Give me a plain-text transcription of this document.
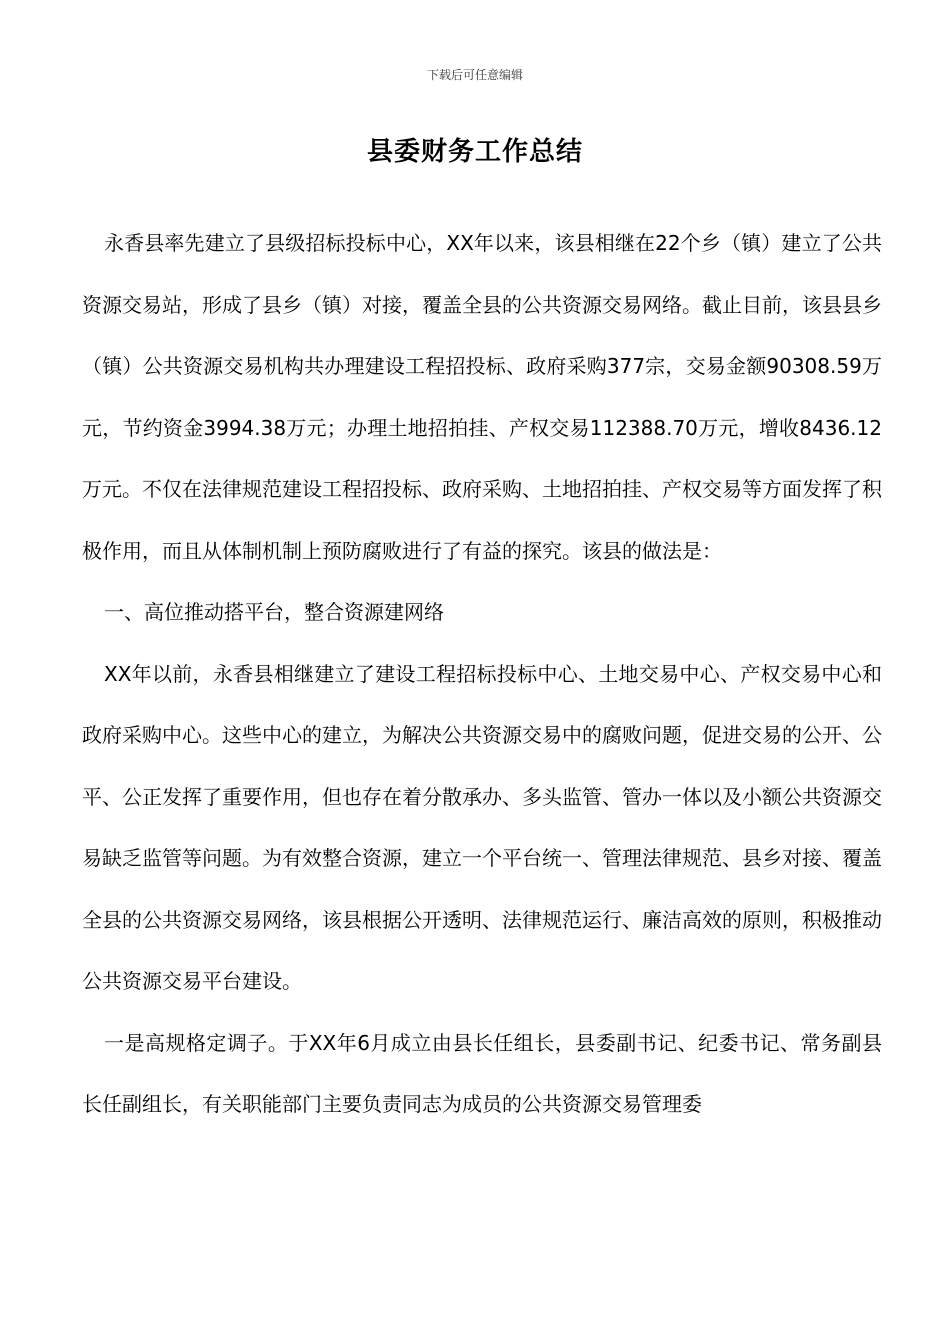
下载后可任意编辑
县委财务工作总结

永香县率先建立了县级招标投标中心，XX年以来，该县相继在22个乡（镇）建立了公共资源交易站，形成了县乡（镇）对接，覆盖全县的公共资源交易网络。截止目前，该县县乡（镇）公共资源交易机构共办理建设工程招投标、政府采购377宗，交易金额90308.59万元，节约资金3994.38万元；办理土地招拍挂、产权交易112388.70万元，增收8436.12万元。不仅在法律规范建设工程招投标、政府采购、土地招拍挂、产权交易等方面发挥了积极作用，而且从体制机制上预防腐败进行了有益的探究。该县的做法是：

一、高位推动搭平台，整合资源建网络

XX年以前，永香县相继建立了建设工程招标投标中心、土地交易中心、产权交易中心和政府采购中心。这些中心的建立，为解决公共资源交易中的腐败问题，促进交易的公开、公平、公正发挥了重要作用，但也存在着分散承办、多头监管、管办一体以及小额公共资源交易缺乏监管等问题。为有效整合资源，建立一个平台统一、管理法律规范、县乡对接、覆盖全县的公共资源交易网络，该县根据公开透明、法律规范运行、廉洁高效的原则，积极推动公共资源交易平台建设。

一是高规格定调子。于XX年6月成立由县长任组长，县委副书记、纪委书记、常务副县长任副组长，有关职能部门主要负责同志为成员的公共资源交易管理委
